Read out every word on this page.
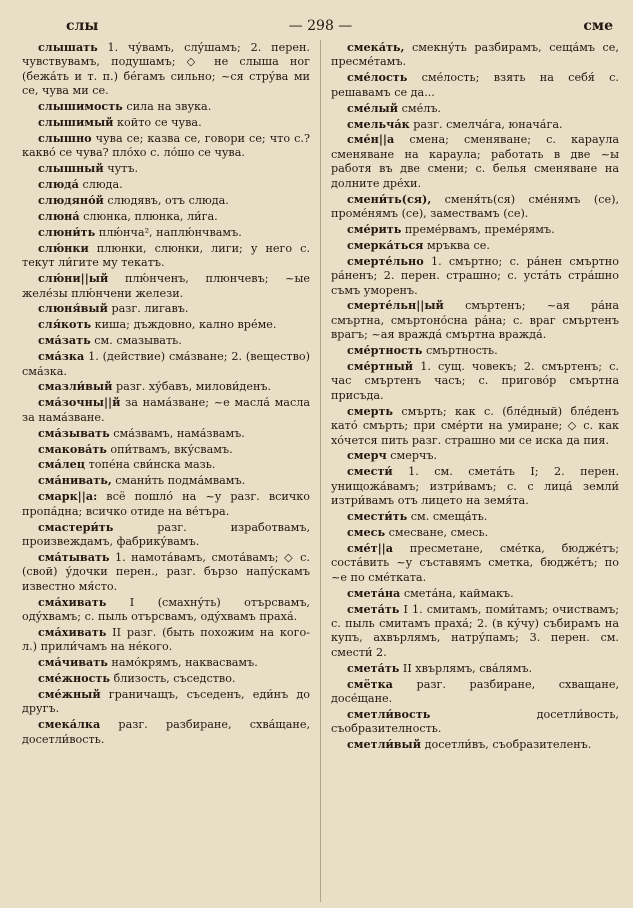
слы	— 298 —	сме

слышать 1. чу́вамъ, слу́шамъ; 2. перен. чувствувамъ, подушамъ; ◇ не слыша ног (бежа́ть и т. п.) бе́гамъ сильно; ~ся стру́ва ми се, чува ми се.

слышимость сила на звука.

слышимый който се чува.

слышно чува се; казва се, говори се; что с.? какво́ се чува? пло́хо с. ло́шо се чува.

слышный чутъ.

слюда́ слюда.

слюдяно́й слюдявъ, отъ слюда.

слюна́ слюнка, плюнка, ли́га.

слюни́ть плю́нча², наплю́нчвамъ.

слю́нки плюнки, слюнки, лиги; у него с. текут ли́гите му текатъ.

слю́ни||ый плю́нченъ, плюнчевъ; ~ые желе́зы плю́нчени желези.

слюня́вый разг. лигавъ.

сля́коть киша; дъждовно, кално вре́ме.

сма́зать см. смазывать.

сма́зка 1. (действие) сма́зване; 2. (вещество) сма́зка.

смазли́вый разг. ху́бавъ, милови́денъ.

сма́зочны||й за нама́зване; ~е масла́ масла за нама́зване.

сма́зывать сма́звамъ, нама́звамъ.

смакова́ть опи́твамъ, вку́свамъ.

сма́лец топе́на сви́нска мазь.

сма́нивать, смани́ть подма́мвамъ.

смарк||а: всё пошло́ на ~у разг. всичко пропа́дна; всичко отиде на ве́търа.

смастери́ть разг. изработвамъ, произвеждамъ, фабрику́вамъ.

сма́тывать 1. намота́вамъ, смота́вамъ; ◇ с. (свой) у́дочки перен., разг. бързо напу́скамъ известно мя́сто.

сма́хивать I (смахну́ть) отърсвамъ, оду́хвамъ; с. пыль отърсвамъ, оду́хвамъ праха́.

сма́хивать II разг. (быть похожим на кого-л.) прили́чамъ на не́кого.

сма́чивать намо́крямъ, накваcвамъ.

сме́жность близость, съседство.

сме́жный граничащъ, съседенъ, еди́нъ до другъ.

смека́лка разг. разбиране, схва́щане, досетли́вость.

смека́ть, смекну́ть разбирамъ, сеща́мъ се, пресме́тамъ.

сме́лость сме́лость; взять на себя́ с. решавамъ се да...

сме́лый сме́лъ.

смельча́к разг. смелча́га, юнача́га.

сме́н||а смена; сменяване; с. караула сменяване на караула; работать в две ~ы работя въ две смени; с. белья сменяване на долните дре́хи.

смени́ть(ся), сменя́ть(ся) сме́нямъ (се), проме́нямъ (се), замествамъ (се).

сме́рить преме́рвамъ, преме́рямъ.

смерка́ться мръква се.

смерте́льно 1. смъртно; с. ра́нен смъртно ра́ненъ; 2. перен. страшно; с. уста́ть стра́шно съмъ уморенъ.

смерте́льн||ый смъртенъ; ~ая ра́на смъртна, смъртоно́сна ра́на; с. враг смъртенъ врагъ; ~ая вражда́ смъртна вражда́.

сме́ртность смъртность.

сме́ртный 1. сущ. човекъ; 2. смъртенъ; с. час смъртенъ часъ; с. пригово́р смъртна присъда.

смерть смърть; как с. (бле́дный) бле́денъ като́ смърть; при сме́рти на умиране; ◇ с. как хо́чется пить разг. страшно ми се иска да пия.

смерч смерчъ.

смести́ 1. см. смета́ть I; 2. перен. унищожа́вамъ; изтри́вамъ; с. с лица́ земли́ изтри́вамъ отъ лицето на земя́та.

смести́ть см. смеща́ть.

смесь смесване, смесь.

сме́т||а пресметане, сме́тка, бюдже́тъ; соста́вить ~у съставямъ сметка, бюдже́тъ; по ~е по сме́тката.

смета́на смета́на, каймакъ.

смета́ть I 1. смитамъ, поми́тамъ; очиствамъ; с. пыль смитамъ праха́; 2. (в ку́чу) събирамъ на купъ, ахвърлямъ, натру́памъ; 3. перен. см. смести́ 2.

смета́ть II хвърлямъ, сва́лямъ.

смётка разг. разбиране, схващане, досе́щане.

сметли́вость досетли́вость, съобразителность.

сметли́вый досетли́въ, съобразителенъ.
